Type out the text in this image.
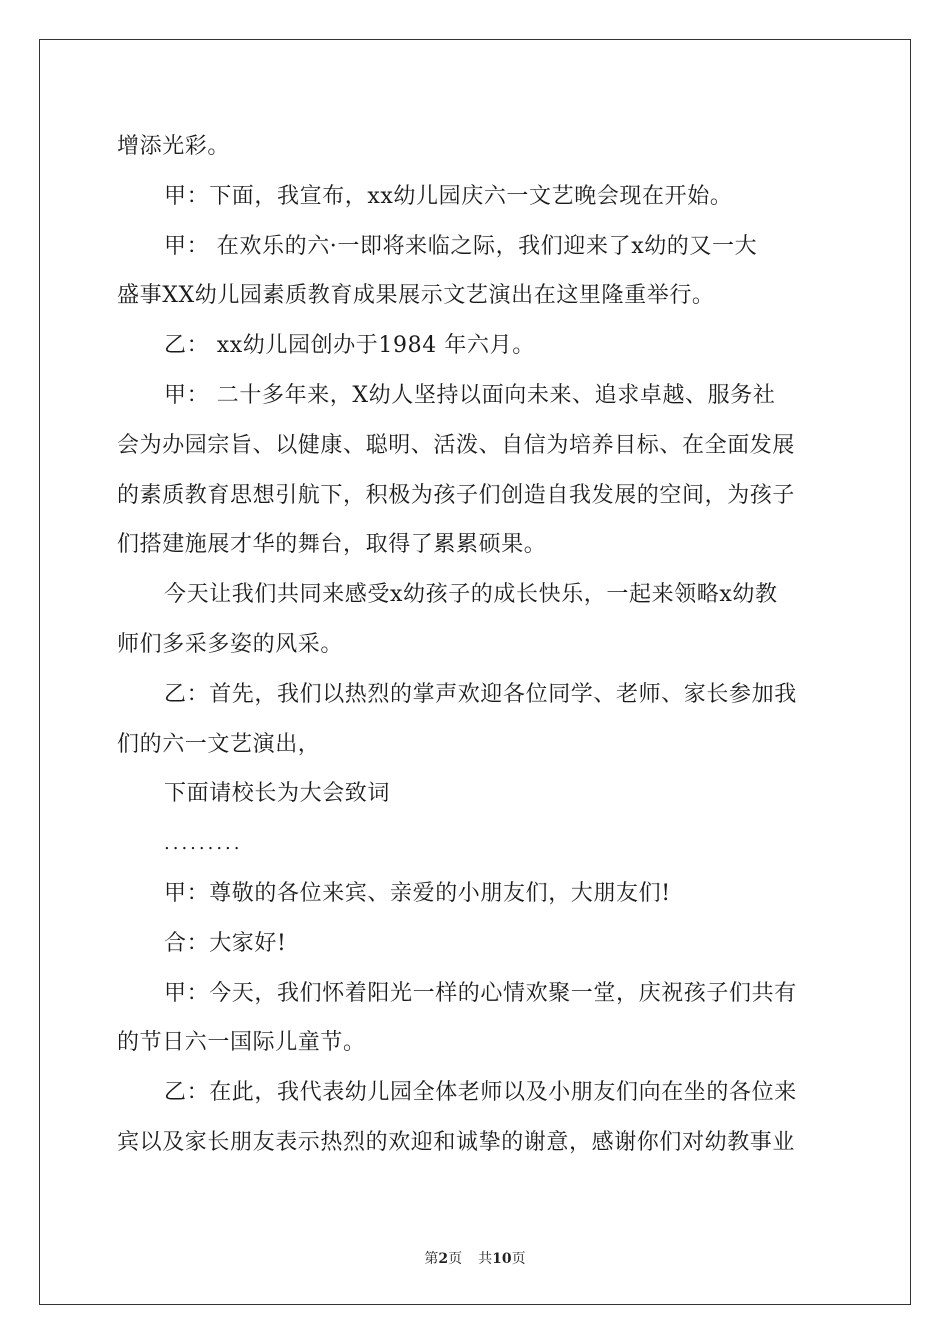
增添光彩。
甲：下面，我宣布，xx幼儿园庆六一文艺晚会现在开始。
甲： 在欢乐的六·一即将来临之际，我们迎来了x幼的又一大
盛事XX幼儿园素质教育成果展示文艺演出在这里隆重举行。
乙： xx幼儿园创办于1984 年六月。
甲： 二十多年来，X幼人坚持以面向未来、追求卓越、服务社
会为办园宗旨、以健康、聪明、活泼、自信为培养目标、在全面发展
的素质教育思想引航下，积极为孩子们创造自我发展的空间，为孩子
们搭建施展才华的舞台，取得了累累硕果。
今天让我们共同来感受x幼孩子的成长快乐，一起来领略x幼教
师们多采多姿的风采。
乙：首先，我们以热烈的掌声欢迎各位同学、老师、家长参加我
们的六一文艺演出，
下面请校长为大会致词
.........
甲：尊敬的各位来宾、亲爱的小朋友们，大朋友们!
合：大家好!
甲：今天，我们怀着阳光一样的心情欢聚一堂，庆祝孩子们共有
的节日六一国际儿童节。
乙：在此，我代表幼儿园全体老师以及小朋友们向在坐的各位来
宾以及家长朋友表示热烈的欢迎和诚挚的谢意，感谢你们对幼教事业
第2页 共10页
